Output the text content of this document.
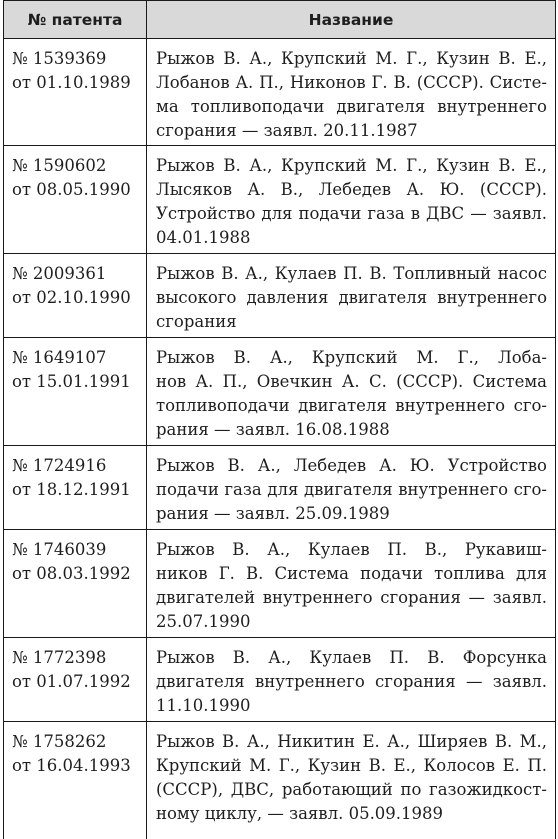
№ патента	Название

№ 1539369
от 01.10.1989	Рыжов В. А., Крупский М. Г., Кузин В. Е.,
Лобанов А. П., Никонов Г. В. (СССР). Систе-
ма топливоподачи двигателя внутреннего
сгорания — заявл. 20.11.1987

№ 1590602
от 08.05.1990	Рыжов В. А., Крупский М. Г., Кузин В. Е.,
Лысяков А. В., Лебедев А. Ю. (СССР).
Устройство для подачи газа в ДВС — заявл.
04.01.1988

№ 2009361
от 02.10.1990	Рыжов В. А., Кулаев П. В. Топливный насос
высокого давления двигателя внутреннего
сгорания

№ 1649107
от 15.01.1991	Рыжов В. А., Крупский М. Г., Лоба-
нов А. П., Овечкин А. С. (СССР). Система
топливоподачи двигателя внутреннего сго-
рания — заявл. 16.08.1988

№ 1724916
от 18.12.1991	Рыжов В. А., Лебедев А. Ю. Устройство
подачи газа для двигателя внутреннего сго-
рания — заявл. 25.09.1989

№ 1746039
от 08.03.1992	Рыжов В. А., Кулаев П. В., Рукавиш-
ников Г. В. Система подачи топлива для
двигателей внутреннего сгорания — заявл.
25.07.1990

№ 1772398
от 01.07.1992	Рыжов В. А., Кулаев П. В. Форсунка
двигателя внутреннего сгорания — заявл.
11.10.1990

№ 1758262
от 16.04.1993	Рыжов В. А., Никитин Е. А., Ширяев В. М.,
Крупский М. Г., Кузин В. Е., Колосов Е. П.
(СССР), ДВС, работающий по газожидкост-
ному циклу, — заявл. 05.09.1989
